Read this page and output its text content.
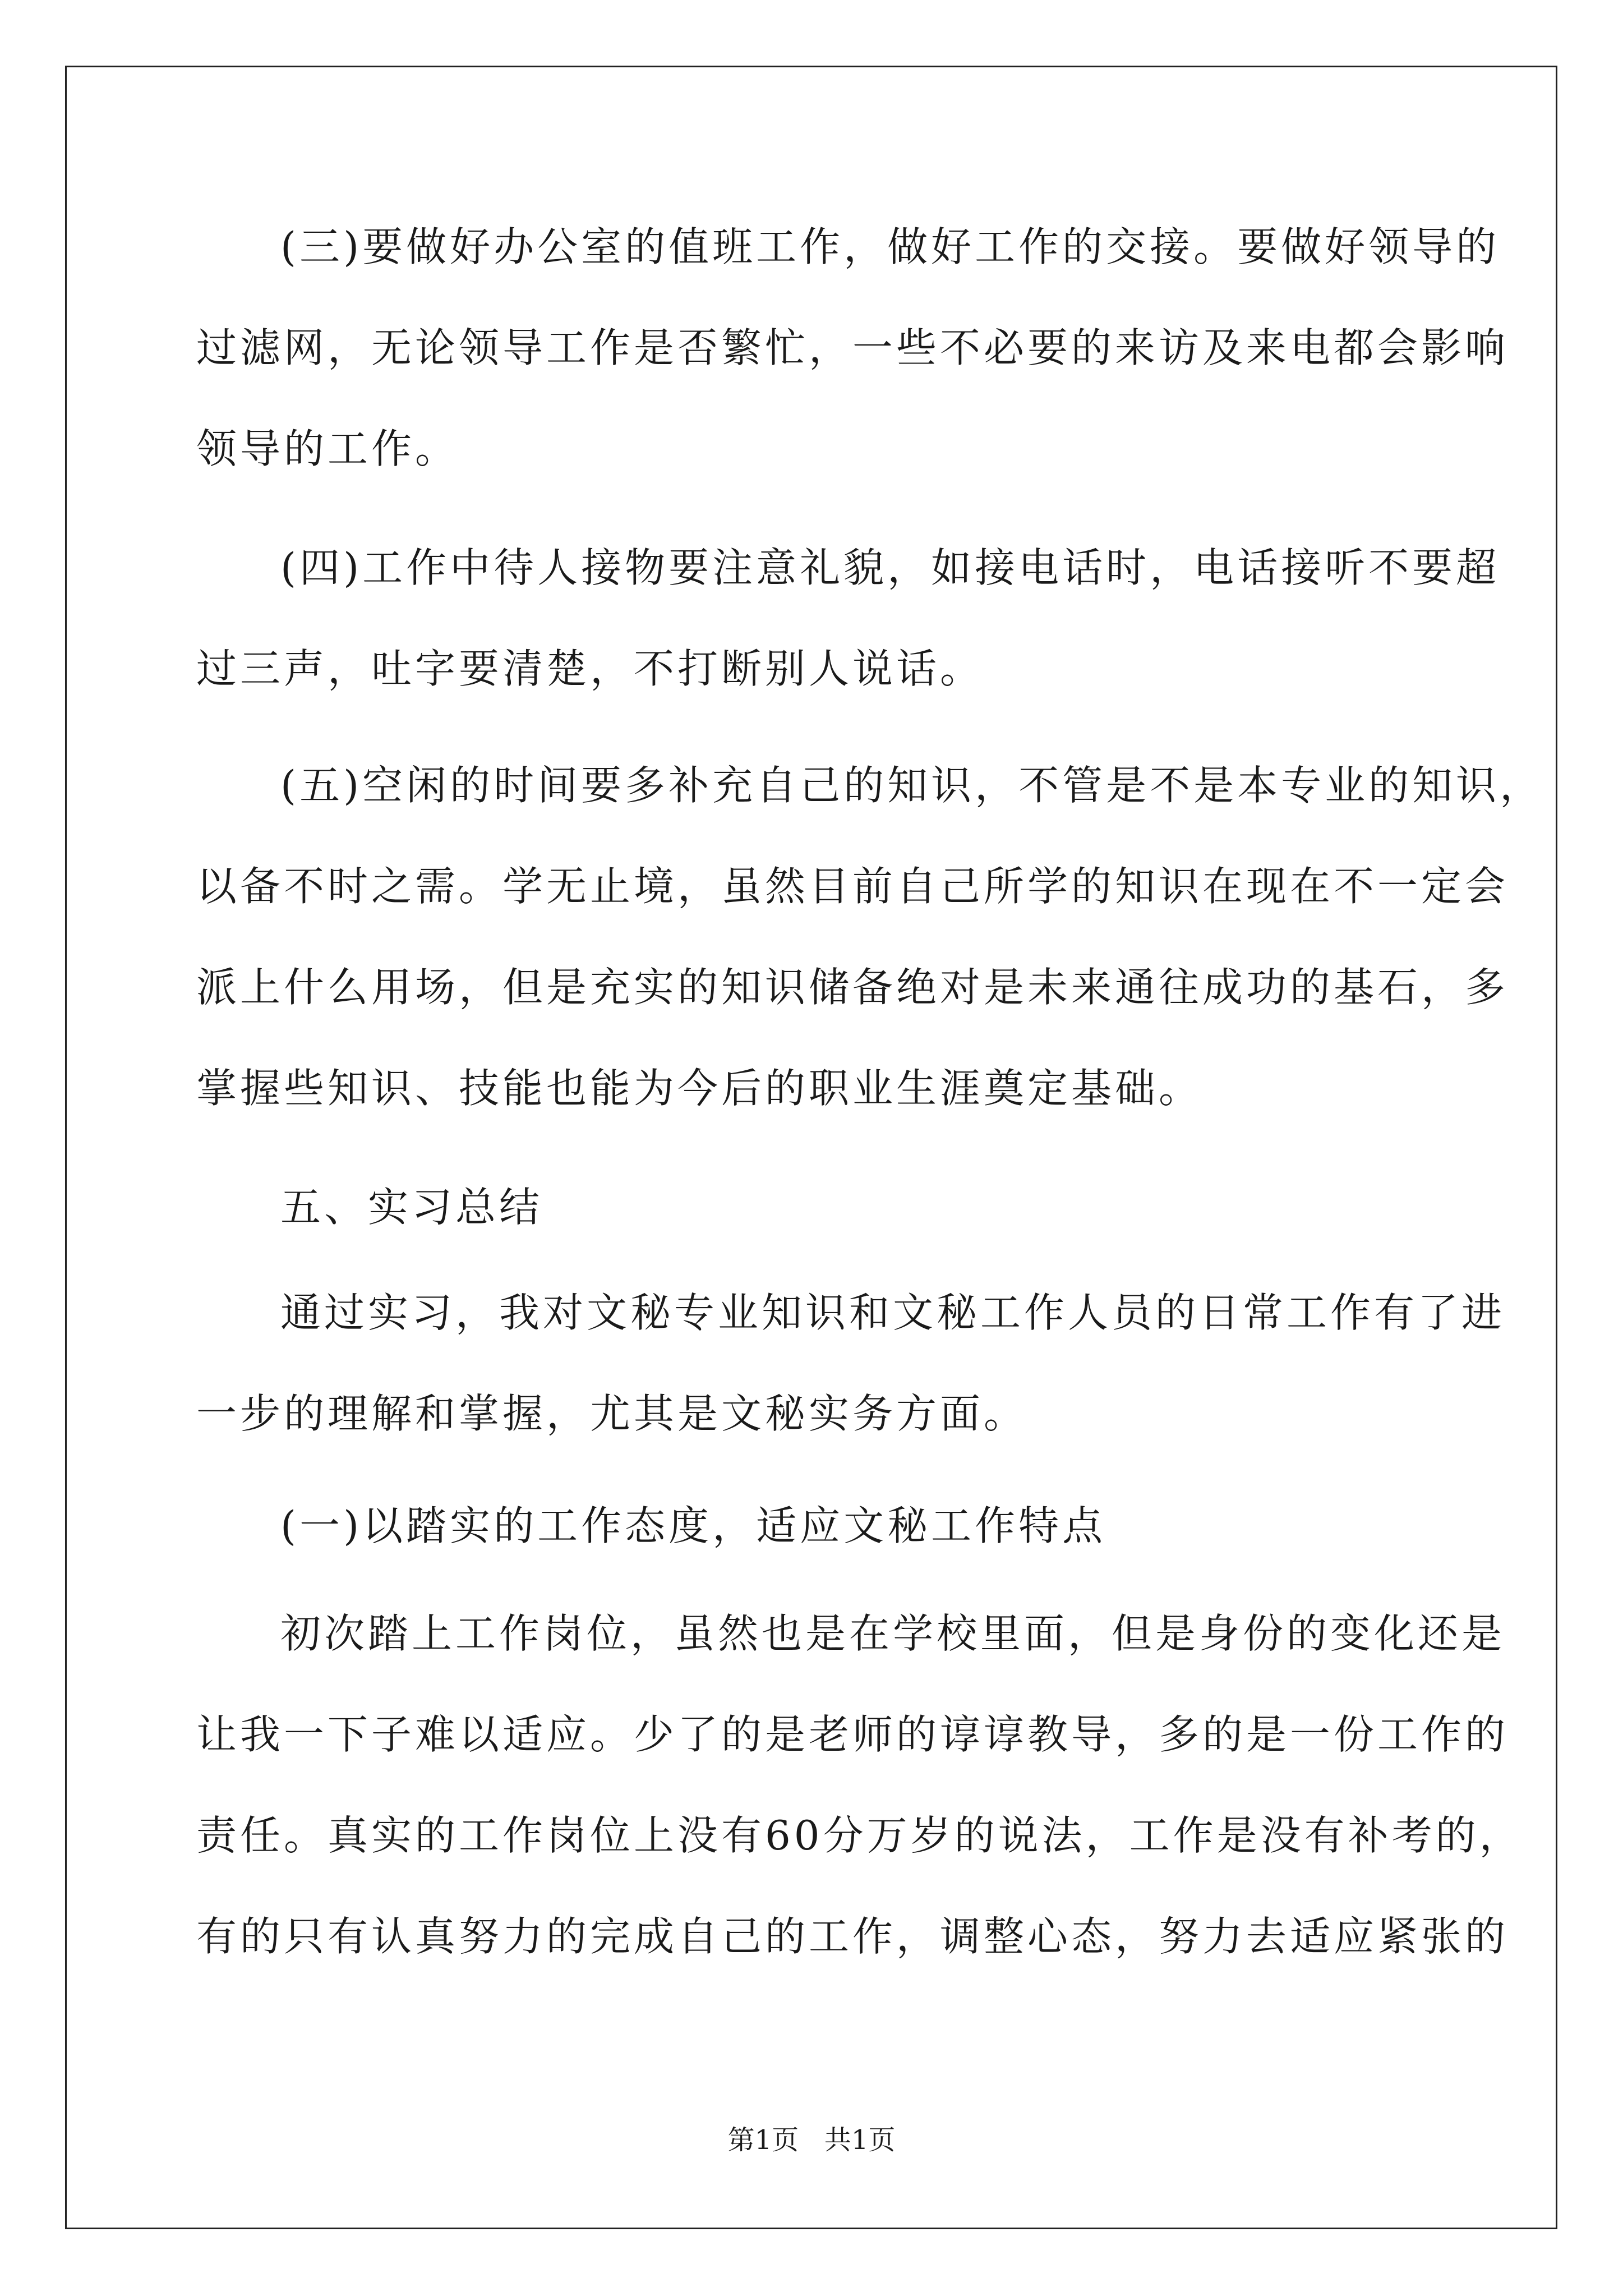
(三)要做好办公室的值班工作，做好工作的交接。要做好领导的
过滤网，无论领导工作是否繁忙，一些不必要的来访及来电都会影响
领导的工作。
(四)工作中待人接物要注意礼貌，如接电话时，电话接听不要超
过三声，吐字要清楚，不打断别人说话。
(五)空闲的时间要多补充自己的知识，不管是不是本专业的知识，
以备不时之需。学无止境，虽然目前自己所学的知识在现在不一定会
派上什么用场，但是充实的知识储备绝对是未来通往成功的基石，多
掌握些知识、技能也能为今后的职业生涯奠定基础。
五、实习总结
通过实习，我对文秘专业知识和文秘工作人员的日常工作有了进
一步的理解和掌握，尤其是文秘实务方面。
(一)以踏实的工作态度，适应文秘工作特点
初次踏上工作岗位，虽然也是在学校里面，但是身份的变化还是
让我一下子难以适应。少了的是老师的谆谆教导，多的是一份工作的
责任。真实的工作岗位上没有60分万岁的说法，工作是没有补考的，
有的只有认真努力的完成自己的工作，调整心态，努力去适应紧张的
第1页   共1页
